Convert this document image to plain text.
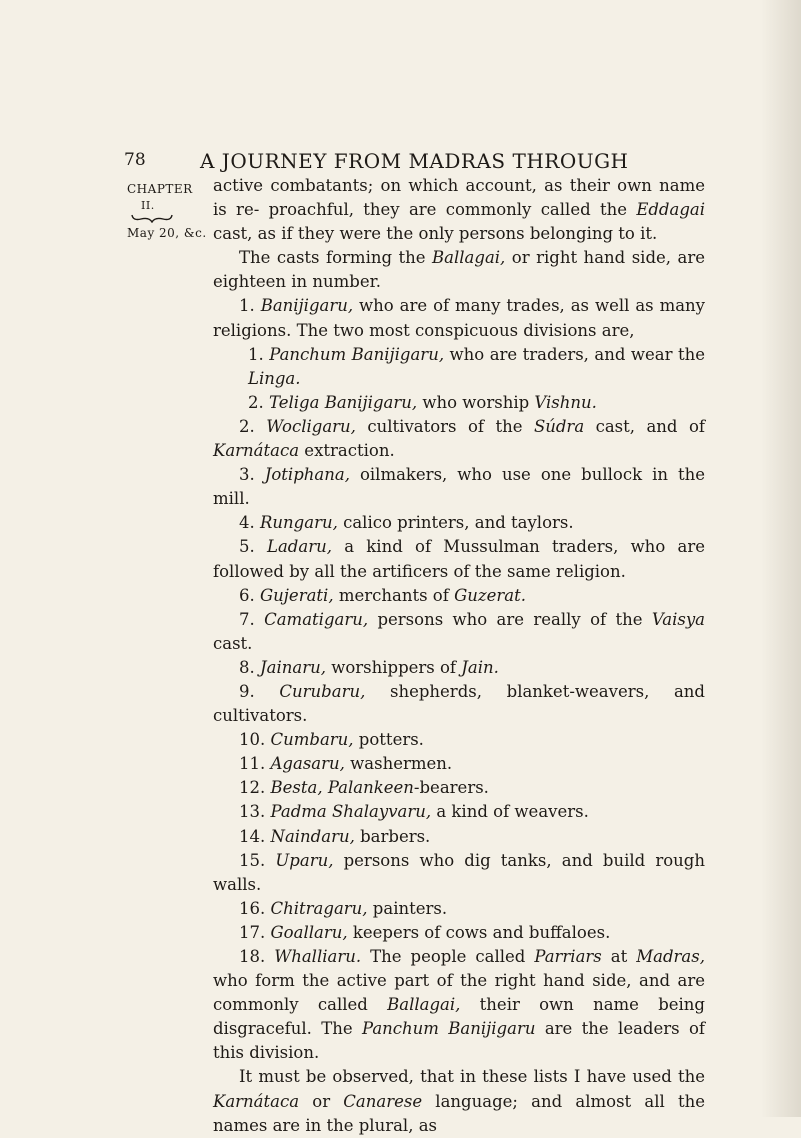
78	A JOURNEY FROM MADRAS THROUGH
CHAPTER
II.
May 20, &c.

active combatants; on which account, as their own name is re- proachful, they are commonly called the Eddagai cast, as if they were the only persons belonging to it.

The casts forming the Ballagai, or right hand side, are eighteen in number.

1. Banijigaru, who are of many trades, as well as many religions. The two most conspicuous divisions are,

1. Panchum Banijigaru, who are traders, and wear the Linga.

2. Teliga Banijigaru, who worship Vishnu.

2. Wocligaru, cultivators of the Súdra cast, and of Karnátaca extraction.

3. Jotiphana, oilmakers, who use one bullock in the mill.

4. Rungaru, calico printers, and taylors.

5. Ladaru, a kind of Mussulman traders, who are followed by all the artificers of the same religion.

6. Gujerati, merchants of Guzerat.

7. Camatigaru, persons who are really of the Vaisya cast.

8. Jainaru, worshippers of Jain.

9. Curubaru, shepherds, blanket-weavers, and cultivators.

10. Cumbaru, potters.

11. Agasaru, washermen.

12. Besta, Palankeen-bearers.

13. Padma Shalayvaru, a kind of weavers.

14. Naindaru, barbers.

15. Uparu, persons who dig tanks, and build rough walls.

16. Chitragaru, painters.

17. Goallaru, keepers of cows and buffaloes.

18. Whalliaru. The people called Parriars at Madras, who form the active part of the right hand side, and are commonly called Ballagai, their own name being disgraceful. The Panchum Banijigaru are the leaders of this division.

It must be observed, that in these lists I have used the Karnátaca or Canarese language; and almost all the names are in the plural, as
